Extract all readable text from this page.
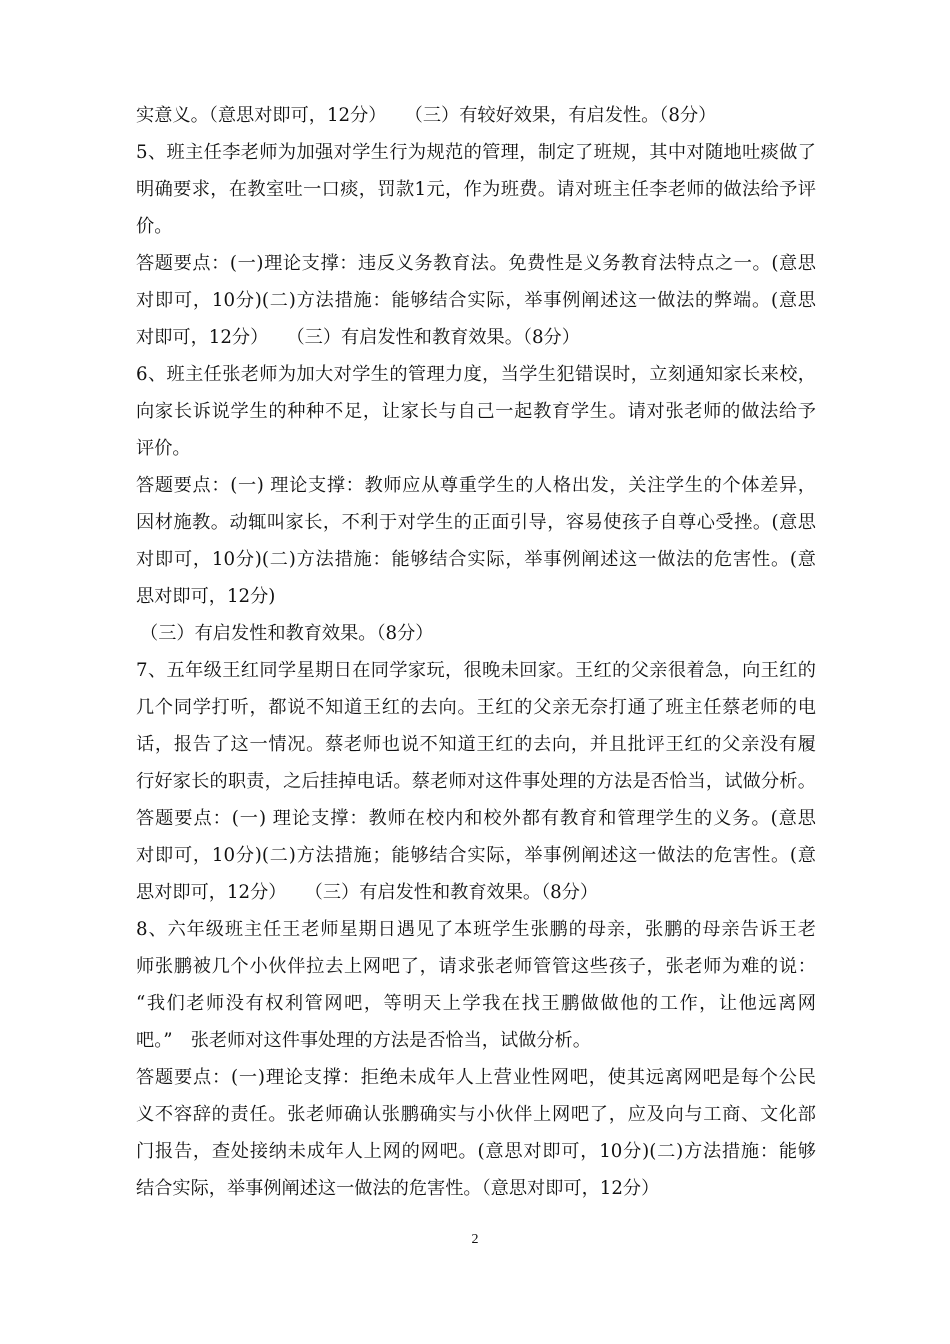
实意义。（意思对即可，12分）　　（三）有较好效果，有启发性。（8分）
5、班主任李老师为加强对学生行为规范的管理，制定了班规，其中对随地吐痰做了
明确要求，在教室吐一口痰，罚款1元，作为班费。请对班主任李老师的做法给予评
价。
答题要点：(一)理论支撑：违反义务教育法。免费性是义务教育法特点之一。(意思
对即可，10分)(二)方法措施：能够结合实际，举事例阐述这一做法的弊端。(意思
对即可，12分）　　（三）有启发性和教育效果。（8分）
6、班主任张老师为加大对学生的管理力度，当学生犯错误时，立刻通知家长来校，
向家长诉说学生的种种不足，让家长与自己一起教育学生。请对张老师的做法给予
评价。
答题要点：(一) 理论支撑：教师应从尊重学生的人格出发，关注学生的个体差异，
因材施教。动辄叫家长，不利于对学生的正面引导，容易使孩子自尊心受挫。(意思
对即可，10分)(二)方法措施：能够结合实际，举事例阐述这一做法的危害性。(意
思对即可，12分)
（三）有启发性和教育效果。（8分）
7、五年级王红同学星期日在同学家玩，很晚未回家。王红的父亲很着急，向王红的
几个同学打听，都说不知道王红的去向。王红的父亲无奈打通了班主任蔡老师的电
话，报告了这一情况。蔡老师也说不知道王红的去向，并且批评王红的父亲没有履
行好家长的职责，之后挂掉电话。蔡老师对这件事处理的方法是否恰当，试做分析。
答题要点：(一) 理论支撑：教师在校内和校外都有教育和管理学生的义务。(意思
对即可，10分)(二)方法措施；能够结合实际，举事例阐述这一做法的危害性。(意
思对即可，12分）　　（三）有启发性和教育效果。（8分）
8、六年级班主任王老师星期日遇见了本班学生张鹏的母亲，张鹏的母亲告诉王老
师张鹏被几个小伙伴拉去上网吧了，请求张老师管管这些孩子，张老师为难的说：
“我们老师没有权利管网吧，等明天上学我在找王鹏做做他的工作，让他远离网
吧。”　张老师对这件事处理的方法是否恰当，试做分析。
答题要点：(一)理论支撑：拒绝未成年人上营业性网吧，使其远离网吧是每个公民
义不容辞的责任。张老师确认张鹏确实与小伙伴上网吧了，应及向与工商、文化部
门报告，查处接纳未成年人上网的网吧。(意思对即可，10分)(二)方法措施：能够
结合实际，举事例阐述这一做法的危害性。（意思对即可，12分）
2
